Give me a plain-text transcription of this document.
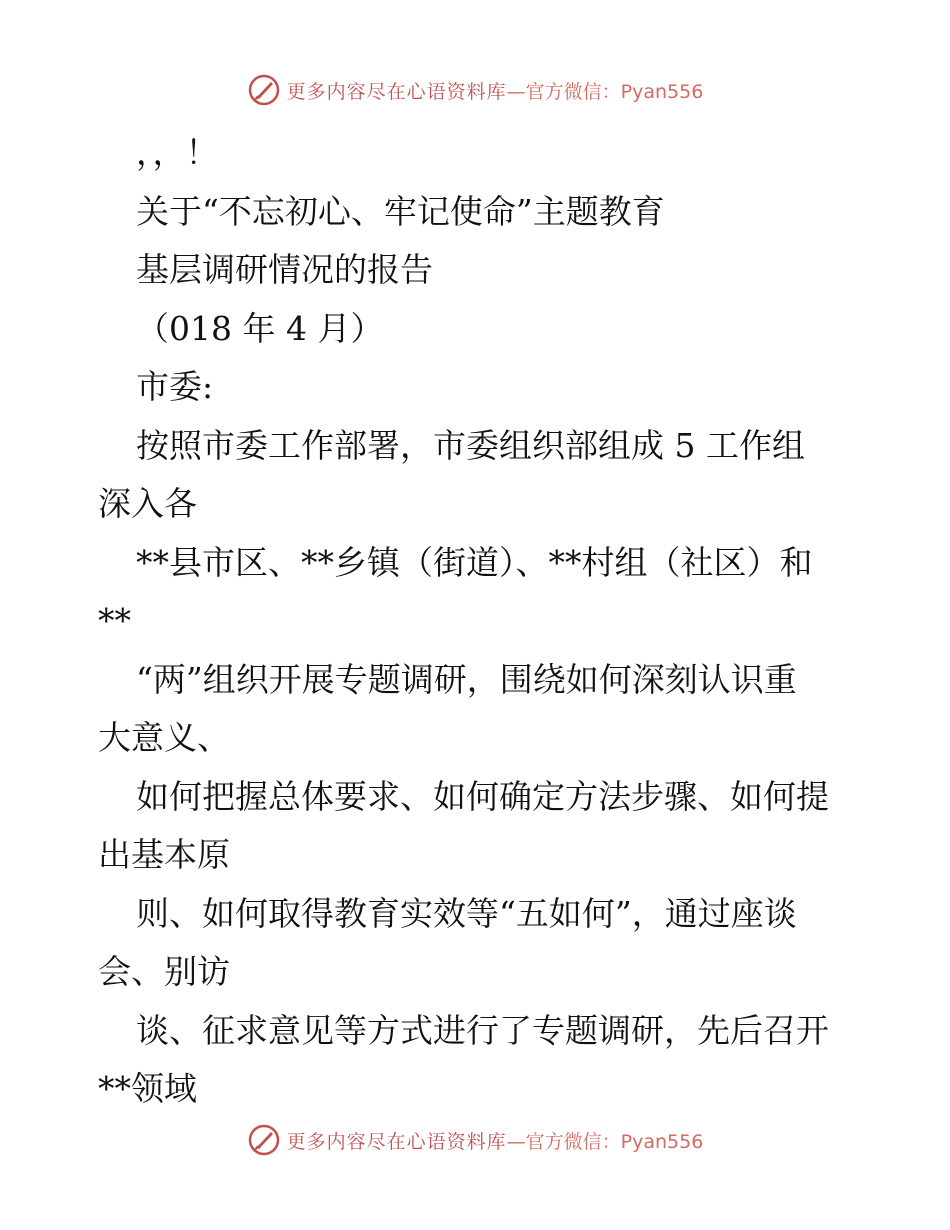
更多内容尽在心语资料库 —官方微信：Pyan556
，，！
关于“不忘初心、牢记使命”主题教育
基层调研情况的报告
（018 年 4 月）
市委:
按照市委工作部署，市委组织部组成 5 工作组
深入各
**县市区、**乡镇（街道）、**村组（社区）和
**
“两”组织开展专题调研，围绕如何深刻认识重
大意义、
如何把握总体要求、如何确定方法步骤、如何提
出基本原
则、如何取得教育实效等“五如何”，通过座谈
会、别访
谈、征求意见等方式进行了专题调研，先后召开
**领域
更多内容尽在心语资料库 —官方微信：Pyan556
